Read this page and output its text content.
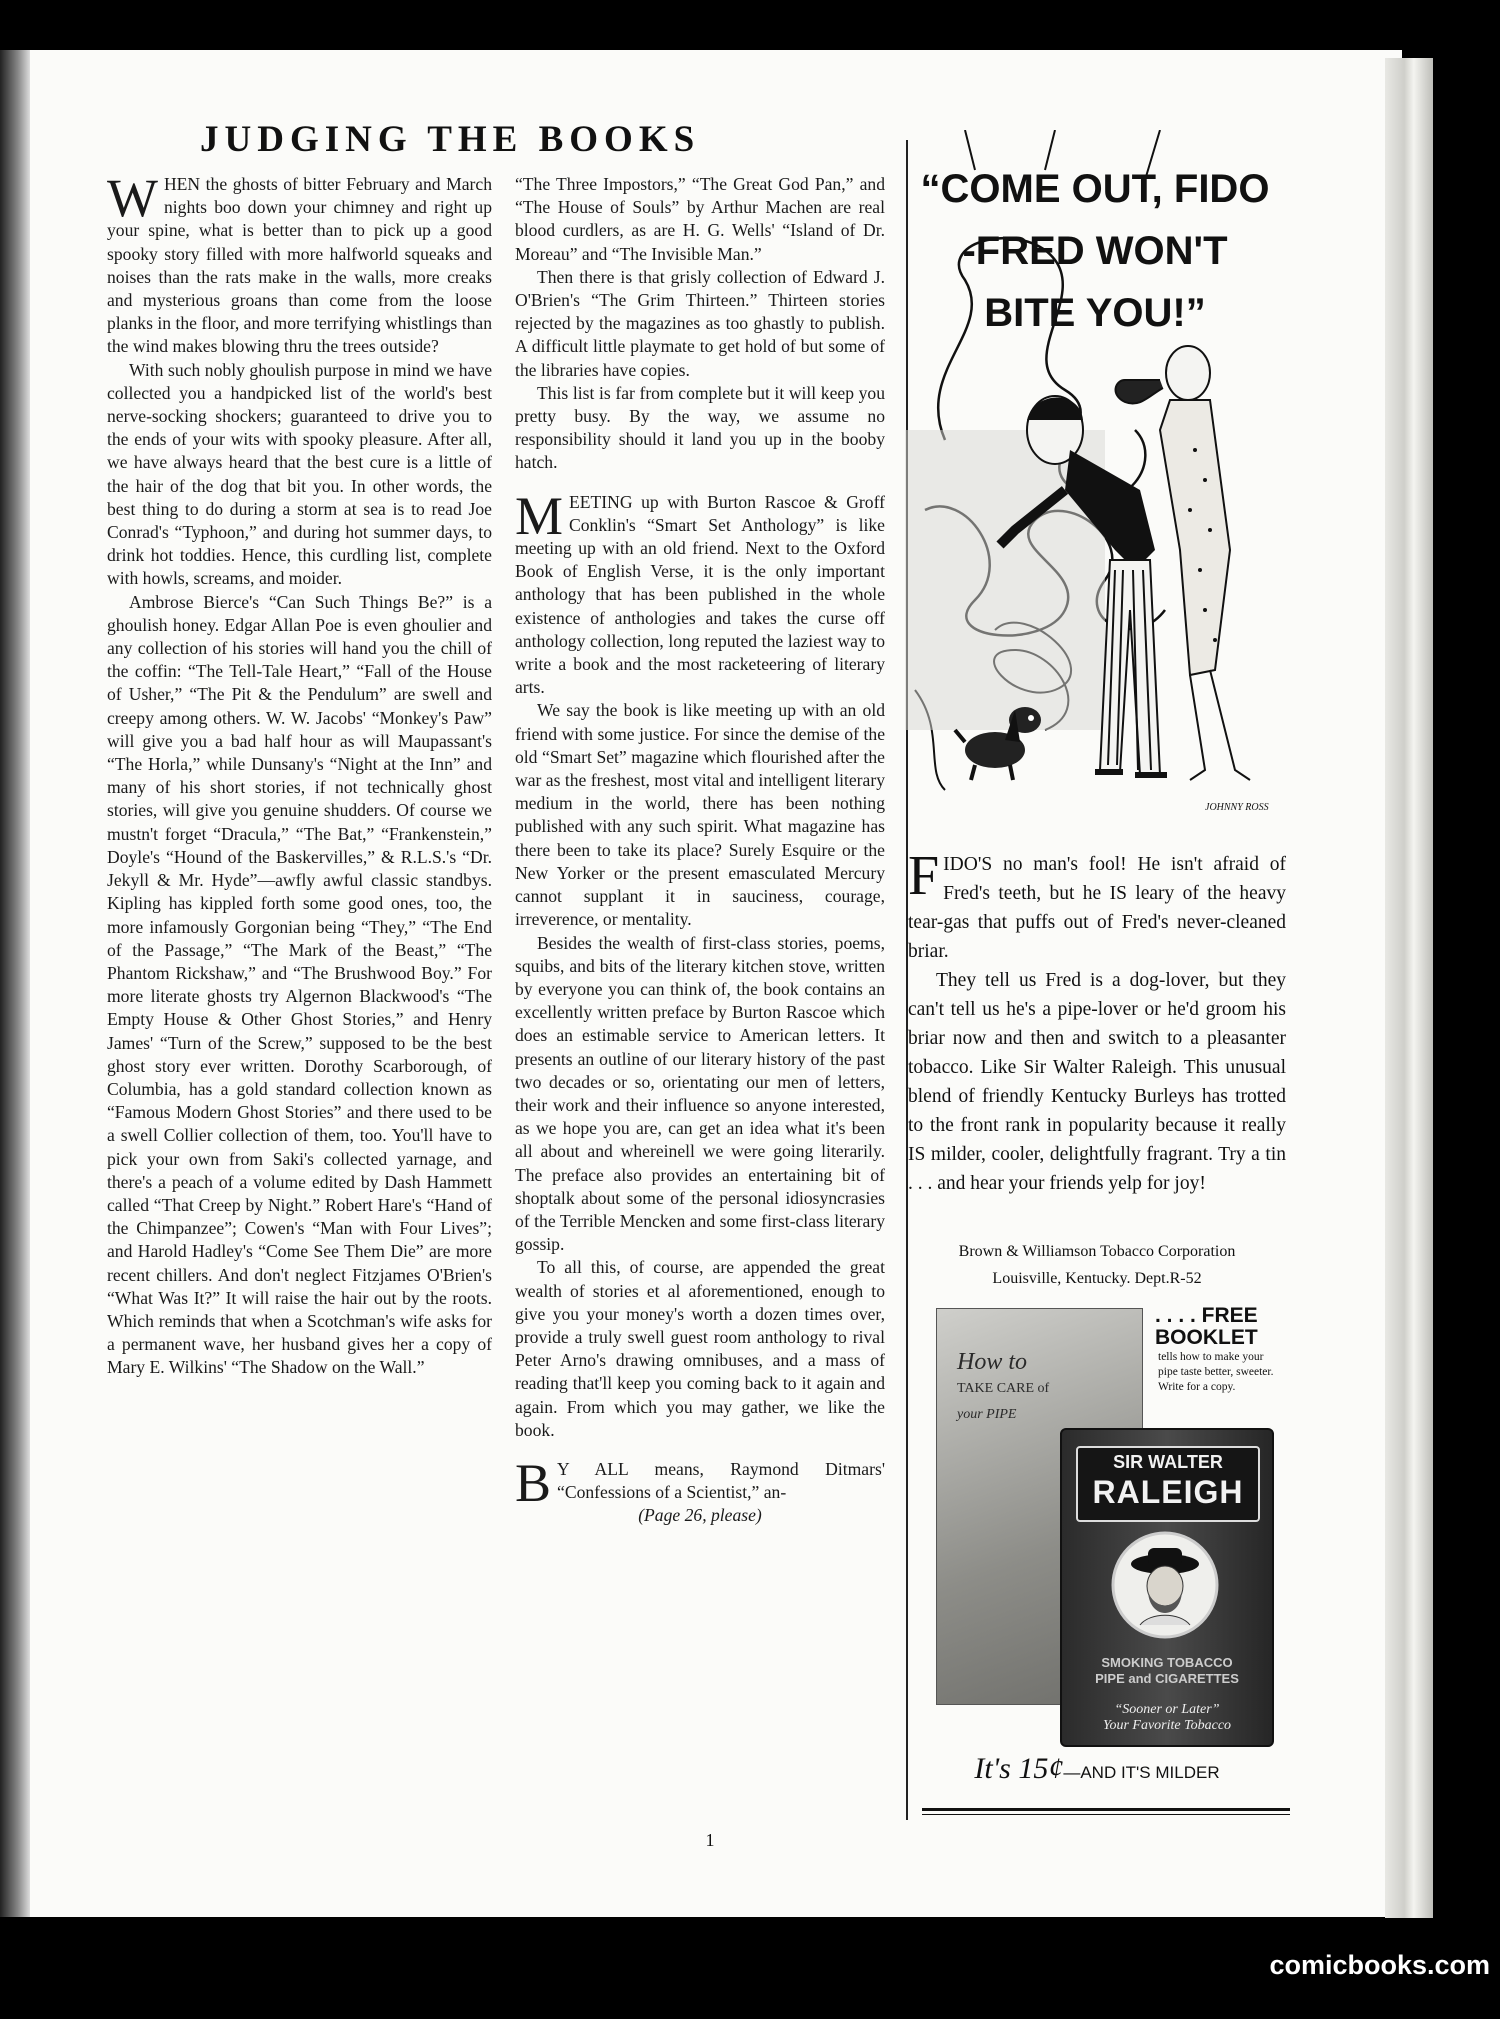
JUDGING THE BOOKS

WHEN the ghosts of bitter February and March nights boo down your chimney and right up your spine, what is better than to pick up a good spooky story filled with more halfworld squeaks and noises than the rats make in the walls, more creaks and mysterious groans than come from the loose planks in the floor, and more terrifying whistlings than the wind makes blowing thru the trees outside?

With such nobly ghoulish purpose in mind we have collected you a handpicked list of the world's best nerve-socking shockers; guaranteed to drive you to the ends of your wits with spooky pleasure. After all, we have always heard that the best cure is a little of the hair of the dog that bit you. In other words, the best thing to do during a storm at sea is to read Joe Conrad's “Typhoon,” and during hot summer days, to drink hot toddies. Hence, this curdling list, complete with howls, screams, and moider.

Ambrose Bierce's “Can Such Things Be?” is a ghoulish honey. Edgar Allan Poe is even ghoulier and any collection of his stories will hand you the chill of the coffin: “The Tell-Tale Heart,” “Fall of the House of Usher,” “The Pit & the Pendulum” are swell and creepy among others. W. W. Jacobs' “Monkey's Paw” will give you a bad half hour as will Maupassant's “The Horla,” while Dunsany's “Night at the Inn” and many of his short stories, if not technically ghost stories, will give you genuine shudders. Of course we mustn't forget “Dracula,” “The Bat,” “Frankenstein,” Doyle's “Hound of the Baskervilles,” & R.L.S.'s “Dr. Jekyll & Mr. Hyde”—awfly awful classic standbys. Kipling has kippled forth some good ones, too, the more infamously Gorgonian being “They,” “The End of the Passage,” “The Mark of the Beast,” “The Phantom Rickshaw,” and “The Brushwood Boy.” For more literate ghosts try Algernon Blackwood's “The Empty House & Other Ghost Stories,” and Henry James' “Turn of the Screw,” supposed to be the best ghost story ever written. Dorothy Scarborough, of Columbia, has a gold standard collection known as “Famous Modern Ghost Stories” and there used to be a swell Collier collection of them, too. You'll have to pick your own from Saki's collected yarnage, and there's a peach of a volume edited by Dash Hammett called “That Creep by Night.” Robert Hare's “Hand of the Chimpanzee”; Cowen's “Man with Four Lives”; and Harold Hadley's “Come See Them Die” are more recent chillers. And don't neglect Fitzjames O'Brien's “What Was It?” It will raise the hair out by the roots. Which reminds that when a Scotchman's wife asks for a permanent wave, her husband gives her a copy of Mary E. Wilkins' “The Shadow on the Wall.”

“The Three Impostors,” “The Great God Pan,” and “The House of Souls” by Arthur Machen are real blood curdlers, as are H. G. Wells' “Island of Dr. Moreau” and “The Invisible Man.”

Then there is that grisly collection of Edward J. O'Brien's “The Grim Thirteen.” Thirteen stories rejected by the magazines as too ghastly to publish. A difficult little playmate to get hold of but some of the libraries have copies.

This list is far from complete but it will keep you pretty busy. By the way, we assume no responsibility should it land you up in the booby hatch.

MEETING up with Burton Rascoe & Groff Conklin's “Smart Set Anthology” is like meeting up with an old friend. Next to the Oxford Book of English Verse, it is the only important anthology that has been published in the whole existence of anthologies and takes the curse off anthology collection, long reputed the laziest way to write a book and the most racketeering of literary arts.

We say the book is like meeting up with an old friend with some justice. For since the demise of the old “Smart Set” magazine which flourished after the war as the freshest, most vital and intelligent literary medium in the world, there has been nothing published with any such spirit. What magazine has there been to take its place? Surely Esquire or the New Yorker or the present emasculated Mercury cannot supplant it in sauciness, courage, irreverence, or mentality.

Besides the wealth of first-class stories, poems, squibs, and bits of the literary kitchen stove, written by everyone you can think of, the book contains an excellently written preface by Burton Rascoe which does an estimable service to American letters. It presents an outline of our literary history of the past two decades or so, orientating our men of letters, their work and their influence so anyone interested, as we hope you are, can get an idea what it's been all about and whereinell we were going literarily. The preface also provides an entertaining bit of shoptalk about some of the personal idiosyncrasies of the Terrible Mencken and some first-class literary gossip.

To all this, of course, are appended the great wealth of stories et al aforementioned, enough to give you your money's worth a dozen times over, provide a truly swell guest room anthology to rival Peter Arno's drawing omnibuses, and a mass of reading that'll keep you coming back to it again and again. From which you may gather, we like the book.

B Y ALL means, Raymond Ditmars' “Confessions of a Scientist,” an-

(Page 26, please)

1
JOHNNY ROSS
“COME OUT, FIDO
-FRED WON'T
BITE YOU!”

FIDO'S no man's fool! He isn't afraid of Fred's teeth, but he IS leary of the heavy tear-gas that puffs out of Fred's never-cleaned briar.

They tell us Fred is a dog-lover, but they can't tell us he's a pipe-lover or he'd groom his briar now and then and switch to a pleasanter tobacco. Like Sir Walter Raleigh. This unusual blend of friendly Kentucky Burleys has trotted to the front rank in popularity because it really IS milder, cooler, delightfully fragrant. Try a tin . . . and hear your friends yelp for joy!

Brown & Williamson Tobacco Corporation
Louisville, Kentucky. Dept.R-52
How to
TAKE CARE of
your PIPE
. . . . FREE
BOOKLET
tells how to make your pipe taste better, sweeter. Write for a copy.
SIR WALTER
RALEIGH
SMOKING TOBACCO
PIPE and CIGARETTES
“Sooner or Later”
Your Favorite Tobacco
It's 15¢—AND IT'S MILDER
comicbooks.com
